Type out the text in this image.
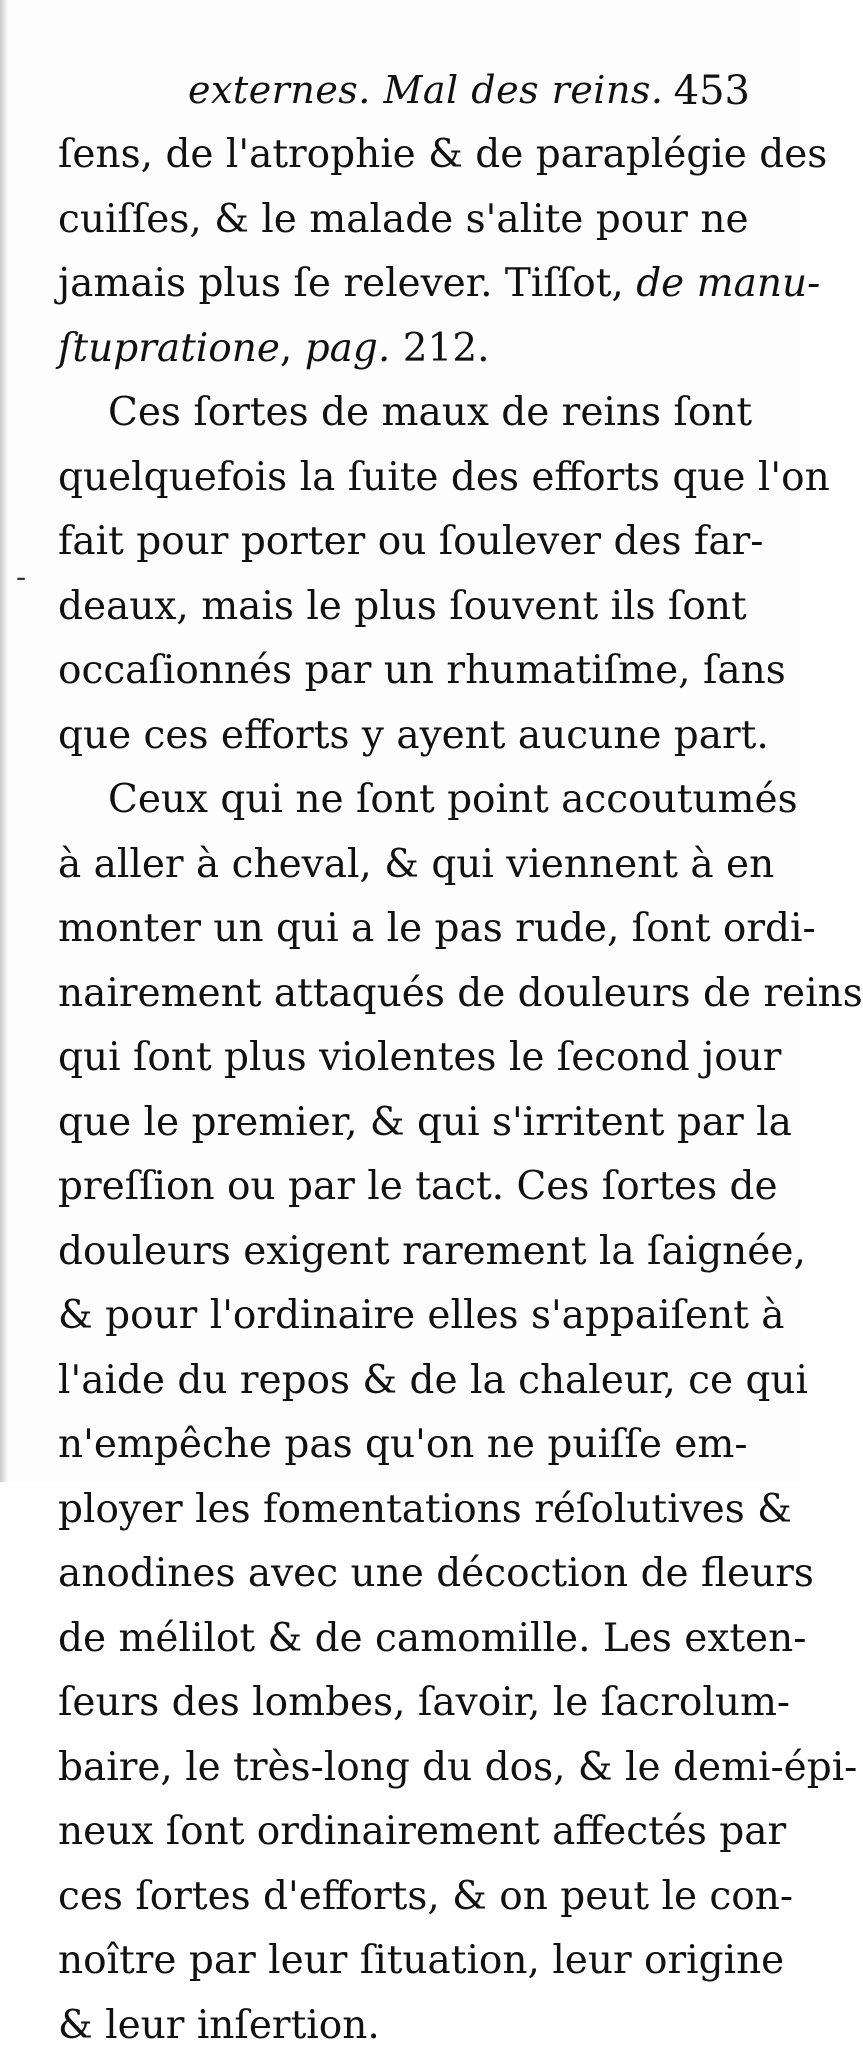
externes. Mal des reins. 453
-
ſens, de l'atrophie & de paraplégie des
cuiſſes, & le malade s'alite pour ne
jamais plus ſe relever. Tiſſot, de manu-
ſtupratione, pag. 212.
Ces ſortes de maux de reins ſont
quelquefois la ſuite des efforts que l'on
fait pour porter ou ſoulever des far-
deaux, mais le plus ſouvent ils ſont
occaſionnés par un rhumatiſme, ſans
que ces efforts y ayent aucune part.
Ceux qui ne ſont point accoutumés
à aller à cheval, & qui viennent à en
monter un qui a le pas rude, ſont ordi-
nairement attaqués de douleurs de reins
qui ſont plus violentes le ſecond jour
que le premier, & qui s'irritent par la
preſſion ou par le tact. Ces ſortes de
douleurs exigent rarement la ſaignée,
& pour l'ordinaire elles s'appaiſent à
l'aide du repos & de la chaleur, ce qui
n'empêche pas qu'on ne puiſſe em-
ployer les fomentations réſolutives &
anodines avec une décoction de fleurs
de mélilot & de camomille. Les exten-
ſeurs des lombes, ſavoir, le ſacrolum-
baire, le très-long du dos, & le demi-épi-
neux ſont ordinairement affectés par
ces ſortes d'efforts, & on peut le con-
noître par leur ſituation, leur origine
& leur inſertion.
